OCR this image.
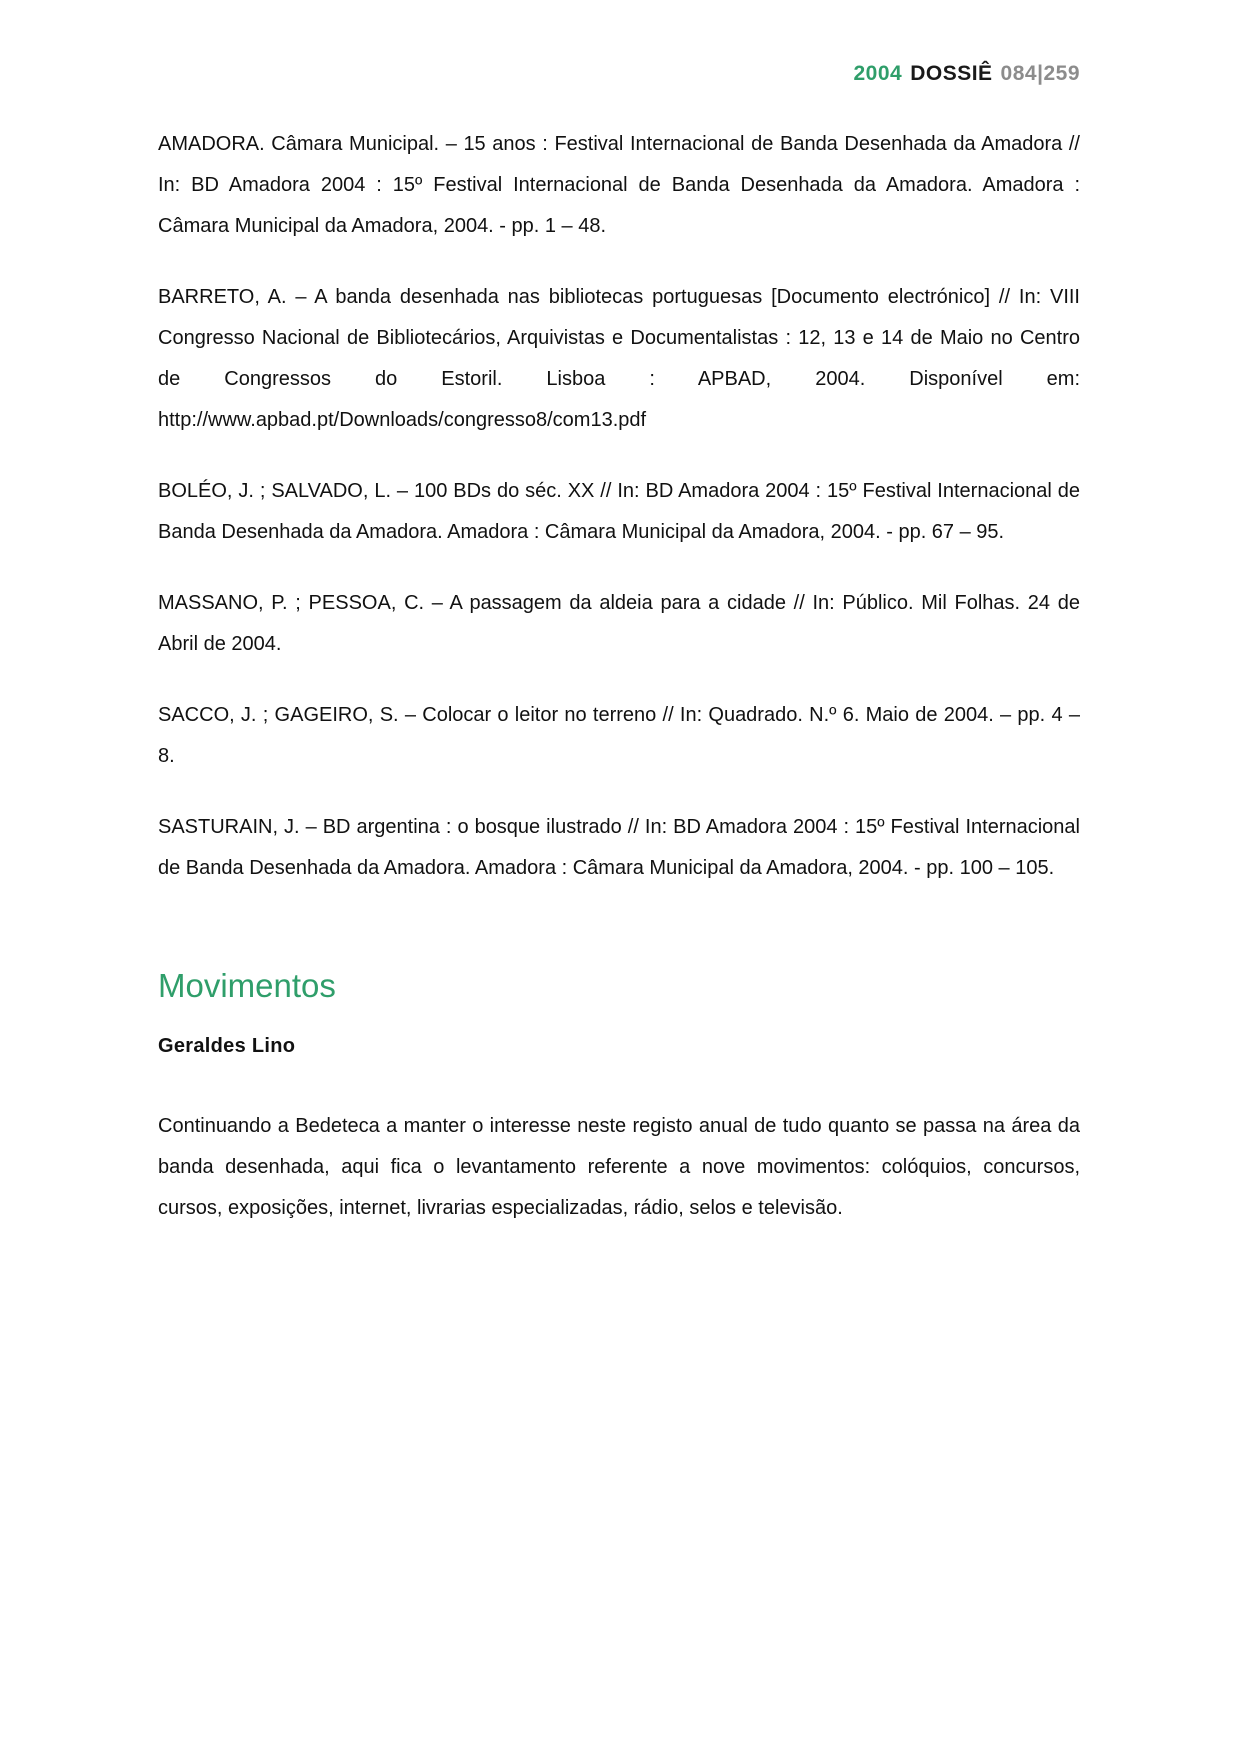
2004 DOSSIÊ 084|259

AMADORA. Câmara Municipal. – 15 anos : Festival Internacional de Banda Desenhada da Amadora // In: BD Amadora 2004 : 15º Festival Internacional de Banda Desenhada da Amadora. Amadora : Câmara Municipal da Amadora, 2004. - pp. 1 – 48.

BARRETO, A. – A banda desenhada nas bibliotecas portuguesas [Documento electrónico] // In: VIII Congresso Nacional de Bibliotecários, Arquivistas e Documentalistas : 12, 13 e 14 de Maio no Centro de Congressos do Estoril. Lisboa : APBAD, 2004. Disponível em: http://www.apbad.pt/Downloads/congresso8/com13.pdf

BOLÉO, J. ; SALVADO, L. – 100 BDs do séc. XX // In: BD Amadora 2004 : 15º Festival Internacional de Banda Desenhada da Amadora. Amadora : Câmara Municipal da Amadora, 2004. - pp. 67 – 95.

MASSANO, P. ; PESSOA, C. – A passagem da aldeia para a cidade // In: Público. Mil Folhas. 24 de Abril de 2004.

SACCO, J. ; GAGEIRO, S. – Colocar o leitor no terreno // In: Quadrado. N.º 6. Maio de 2004. – pp. 4 – 8.

SASTURAIN, J. – BD argentina : o bosque ilustrado // In: BD Amadora 2004 : 15º Festival Internacional de Banda Desenhada da Amadora. Amadora : Câmara Municipal da Amadora, 2004. - pp. 100 – 105.

Movimentos
Geraldes Lino

Continuando a Bedeteca a manter o interesse neste registo anual de tudo quanto se passa na área da banda desenhada, aqui fica o levantamento referente a nove movimentos: colóquios, concursos, cursos, exposições, internet, livrarias especializadas, rádio, selos e televisão.
